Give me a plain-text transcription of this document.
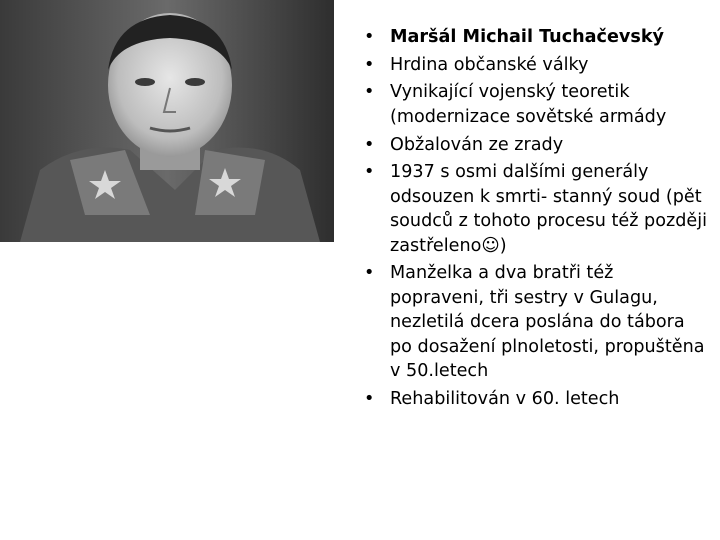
• Maršál Michail Tuchačevský
• Hrdina občanské války
• Vynikající vojenský teoretik (modernizace sovětské armády
• Obžalován ze zrady
• 1937 s osmi dalšími generály odsouzen k smrti- stanný soud (pět soudců z tohoto procesu též později zastřeleno☺)
• Manželka a dva bratři též popraveni, tři sestry v Gulagu, nezletilá dcera poslána do tábora po dosažení plnoletosti, propuštěna v 50.letech
• Rehabilitován v 60. letech
